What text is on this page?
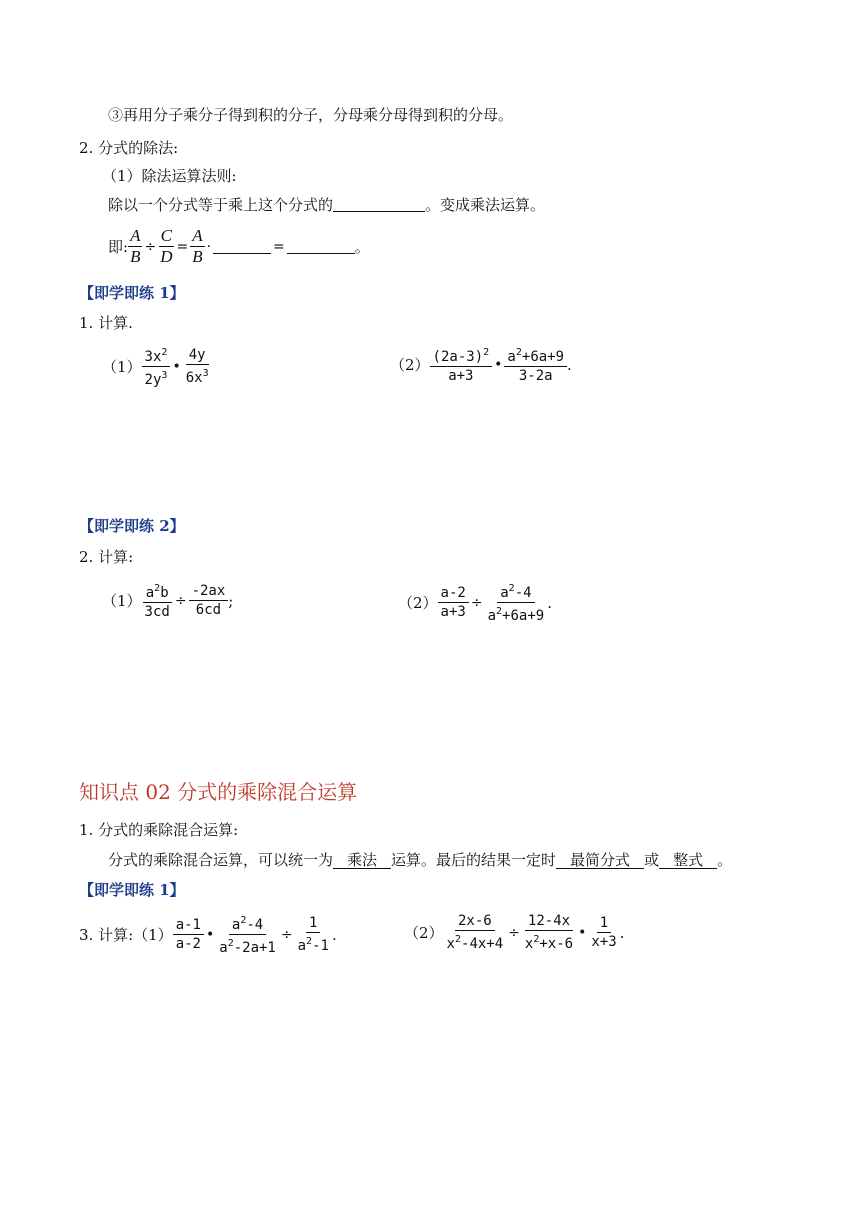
③再用分子乘分子得到积的分子，分母乘分母得到积的分母。
2. 分式的除法:
（1）除法运算法则:
除以一个分式等于乘上这个分式的	。变成乘法运算。
即: $\frac{A}{B} \div \frac{C}{D} = \frac{A}{B}$ ·	=	。
【即学即练 1】
1. 计算.
$(1) \frac{3x^2}{2y^3}$ • $\frac{4y}{6x^3}$	$(2) \frac{(2a-3)^2}{a+3}$ • $\frac{a^2+6a+9}{3-2a}$ .
【即学即练 2】
2. 计算:
$(1) \frac{a^2b}{3cd} \div \frac{-2ax}{6cd}$ ;	$(2) \frac{a-2}{a+3} \div \frac{a^2-4}{a^2+6a+9}$ .
知识点 02 分式的乘除混合运算
1. 分式的乘除混合运算:
分式的乘除混合运算，可以统一为 乘法 运算。最后的结果一定时 最简分式 或 整式 。
【即学即练 1】
3. 计算: $(1) \frac{a-1}{a-2}$ • $\frac{a^2-4}{a^2-2a+1} \div \frac{1}{a^2-1}$ .	$(2) \frac{2x-6}{x^2-4x+4} \div \frac{12-4x}{x^2+x-6}$ • $\frac{1}{x+3}$ .
